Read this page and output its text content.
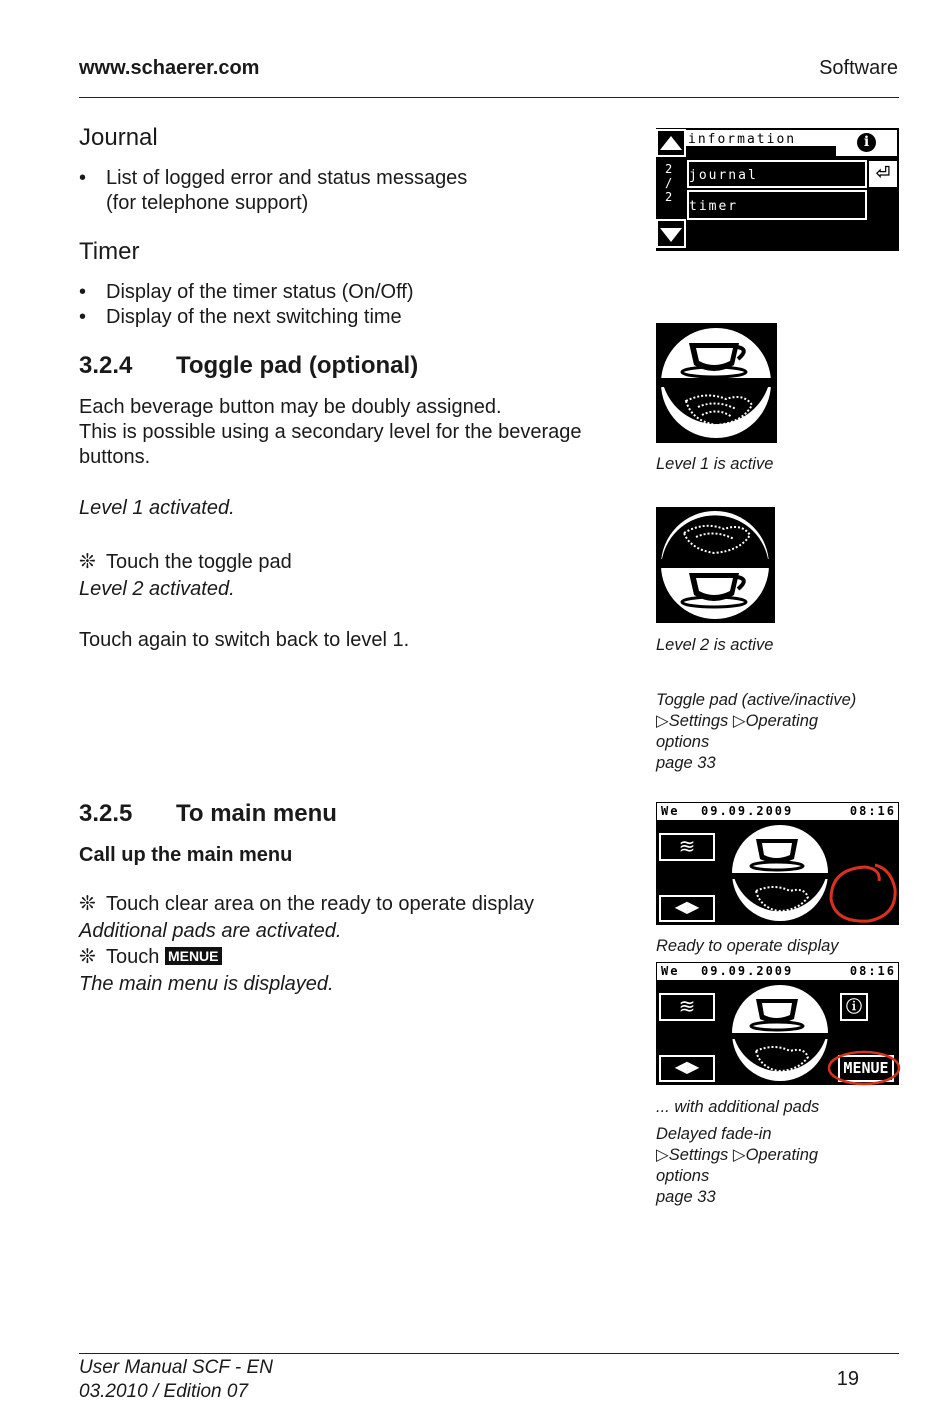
www.schaerer.com	Software
Journal
• List of logged error and status messages
(for telephone support)
Timer
• Display of the timer status (On/Off)
• Display of the next switching time
information	i
2
/
2
journal
timer
⏎
3.2.4 Toggle pad (optional)
Each beverage button may be doubly assigned.
This is possible using a secondary level for the beverage
buttons.
Level 1 activated.
❊ Touch the toggle pad
Level 2 activated.
Touch again to switch back to level 1.
Level 1 is active
Level 2 is active
Toggle pad (active/inactive)
▷Settings ▷Operating
options
page 33
3.2.5 To main menu
Call up the main menu
❊ Touch clear area on the ready to operate display
Additional pads are activated.
❊ Touch MENUE
The main menu is displayed.
We 09.09.2009	08:16
≋
◀▶
Ready to operate display
We 09.09.2009	08:16
≋
◀▶
ⓘ
MENUE
... with additional pads
Delayed fade-in
▷Settings ▷Operating
options
page 33
User Manual SCF - EN
03.2010 / Edition 07
19
